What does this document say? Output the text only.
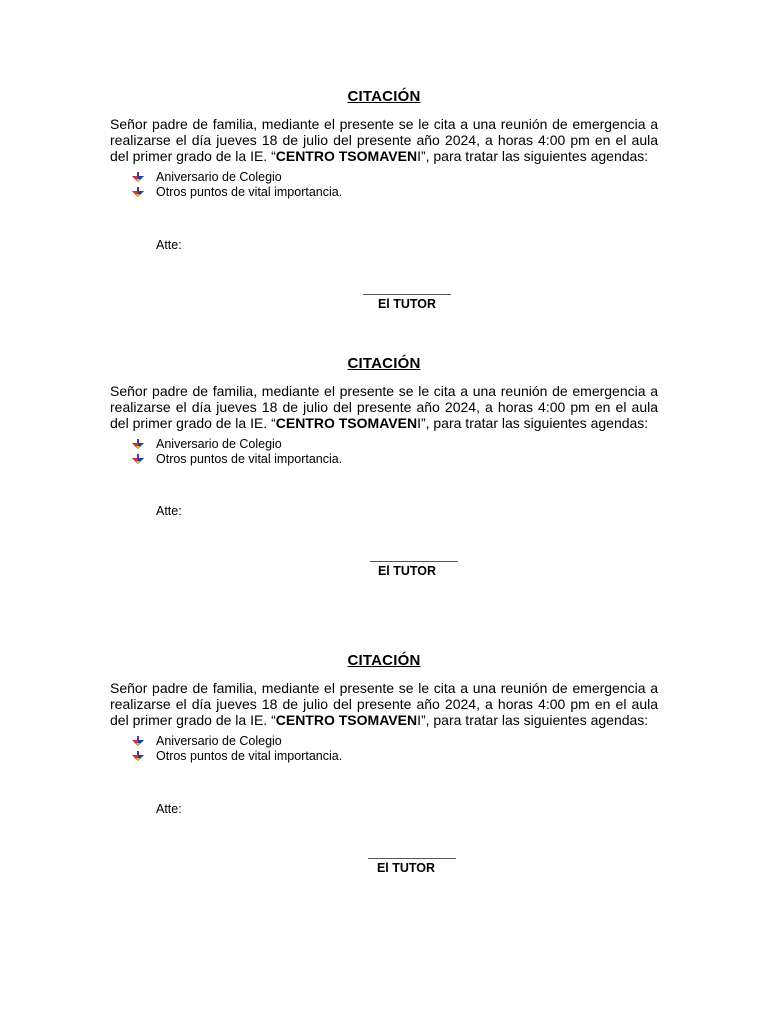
CITACIÓN

Señor padre de familia, mediante el presente se le cita a una reunión de emergencia a realizarse el día jueves 18 de julio del presente año 2024, a horas 4:00 pm en el aula del primer grado de la IE. “CENTRO TSOMAVENI”, para tratar las siguientes agendas:

Aniversario de Colegio
Otros puntos de vital importancia.
Atte:
El TUTOR

CITACIÓN

Señor padre de familia, mediante el presente se le cita a una reunión de emergencia a realizarse el día jueves 18 de julio del presente año 2024, a horas 4:00 pm en el aula del primer grado de la IE. “CENTRO TSOMAVENI”, para tratar las siguientes agendas:

Aniversario de Colegio
Otros puntos de vital importancia.
Atte:
El TUTOR

CITACIÓN

Señor padre de familia, mediante el presente se le cita a una reunión de emergencia a realizarse el día jueves 18 de julio del presente año 2024, a horas 4:00 pm en el aula del primer grado de la IE. “CENTRO TSOMAVENI”, para tratar las siguientes agendas:

Aniversario de Colegio
Otros puntos de vital importancia.
Atte:
El TUTOR
